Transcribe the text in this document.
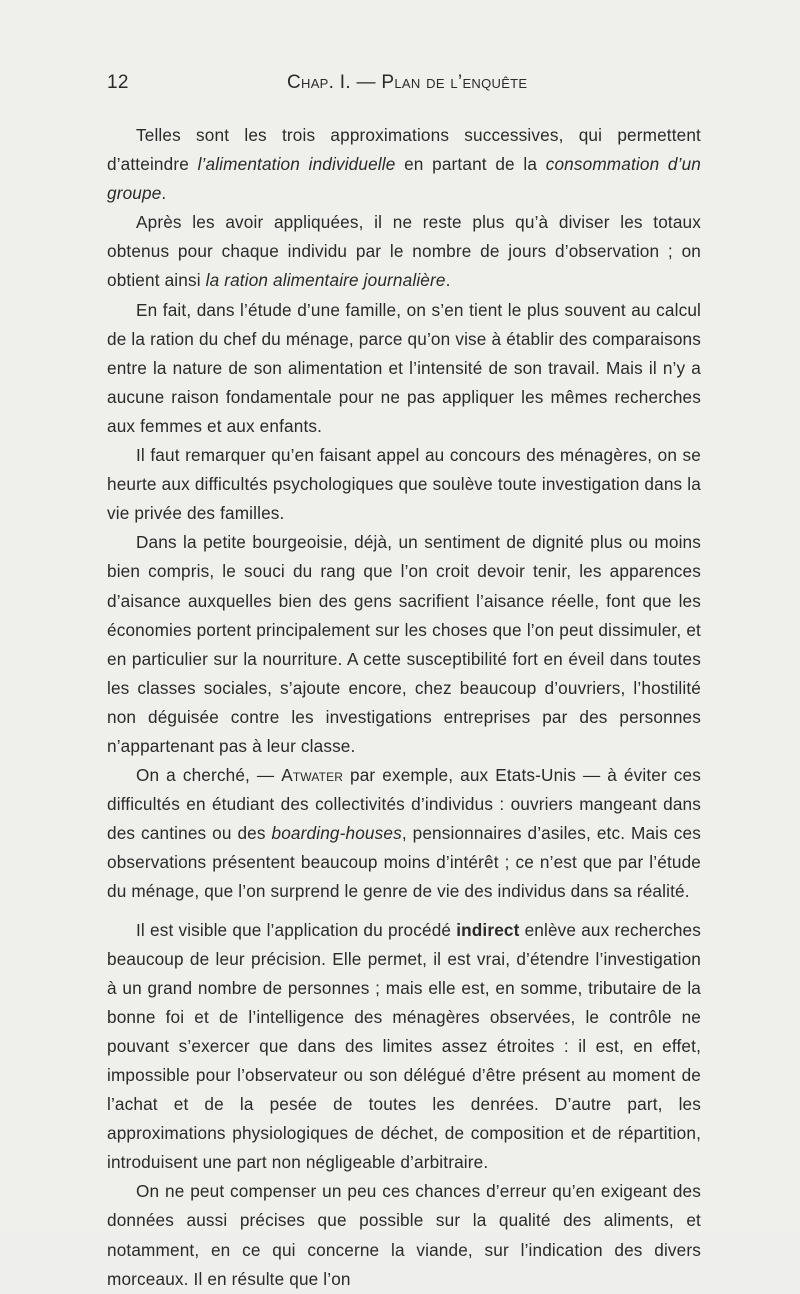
12	Chap. I. — Plan de l’enquête

Telles sont les trois approximations successives, qui permettent d’atteindre l’alimentation individuelle en partant de la consommation d’un groupe.

Après les avoir appliquées, il ne reste plus qu’à diviser les totaux obtenus pour chaque individu par le nombre de jours d’observation ; on obtient ainsi la ration alimentaire journalière.

En fait, dans l’étude d’une famille, on s’en tient le plus souvent au calcul de la ration du chef du ménage, parce qu’on vise à établir des comparaisons entre la nature de son alimentation et l’intensité de son travail. Mais il n’y a aucune raison fondamentale pour ne pas appliquer les mêmes recherches aux femmes et aux enfants.

Il faut remarquer qu’en faisant appel au concours des ménagères, on se heurte aux difficultés psychologiques que soulève toute investigation dans la vie privée des familles.

Dans la petite bourgeoisie, déjà, un sentiment de dignité plus ou moins bien compris, le souci du rang que l’on croit devoir tenir, les apparences d’aisance auxquelles bien des gens sacrifient l’aisance réelle, font que les économies portent principalement sur les choses que l’on peut dissimuler, et en particulier sur la nourriture. A cette susceptibilité fort en éveil dans toutes les classes sociales, s’ajoute encore, chez beaucoup d’ouvriers, l’hostilité non déguisée contre les investigations entreprises par des personnes n’appartenant pas à leur classe.

On a cherché, — Atwater par exemple, aux Etats-Unis — à éviter ces difficultés en étudiant des collectivités d’individus : ouvriers mangeant dans des cantines ou des boarding-houses, pensionnaires d’asiles, etc. Mais ces observations présentent beaucoup moins d’intérêt ; ce n’est que par l’étude du ménage, que l’on surprend le genre de vie des individus dans sa réalité.

Il est visible que l’application du procédé indirect enlève aux recherches beaucoup de leur précision. Elle permet, il est vrai, d’étendre l’investigation à un grand nombre de personnes ; mais elle est, en somme, tributaire de la bonne foi et de l’intelligence des ménagères observées, le contrôle ne pouvant s’exercer que dans des limites assez étroites : il est, en effet, impossible pour l’observateur ou son délégué d’être présent au moment de l’achat et de la pesée de toutes les denrées. D’autre part, les approximations physiologiques de déchet, de composition et de répartition, introduisent une part non négligeable d’arbitraire.

On ne peut compenser un peu ces chances d’erreur qu’en exigeant des données aussi précises que possible sur la qualité des aliments, et notamment, en ce qui concerne la viande, sur l’indication des divers morceaux. Il en résulte que l’on
